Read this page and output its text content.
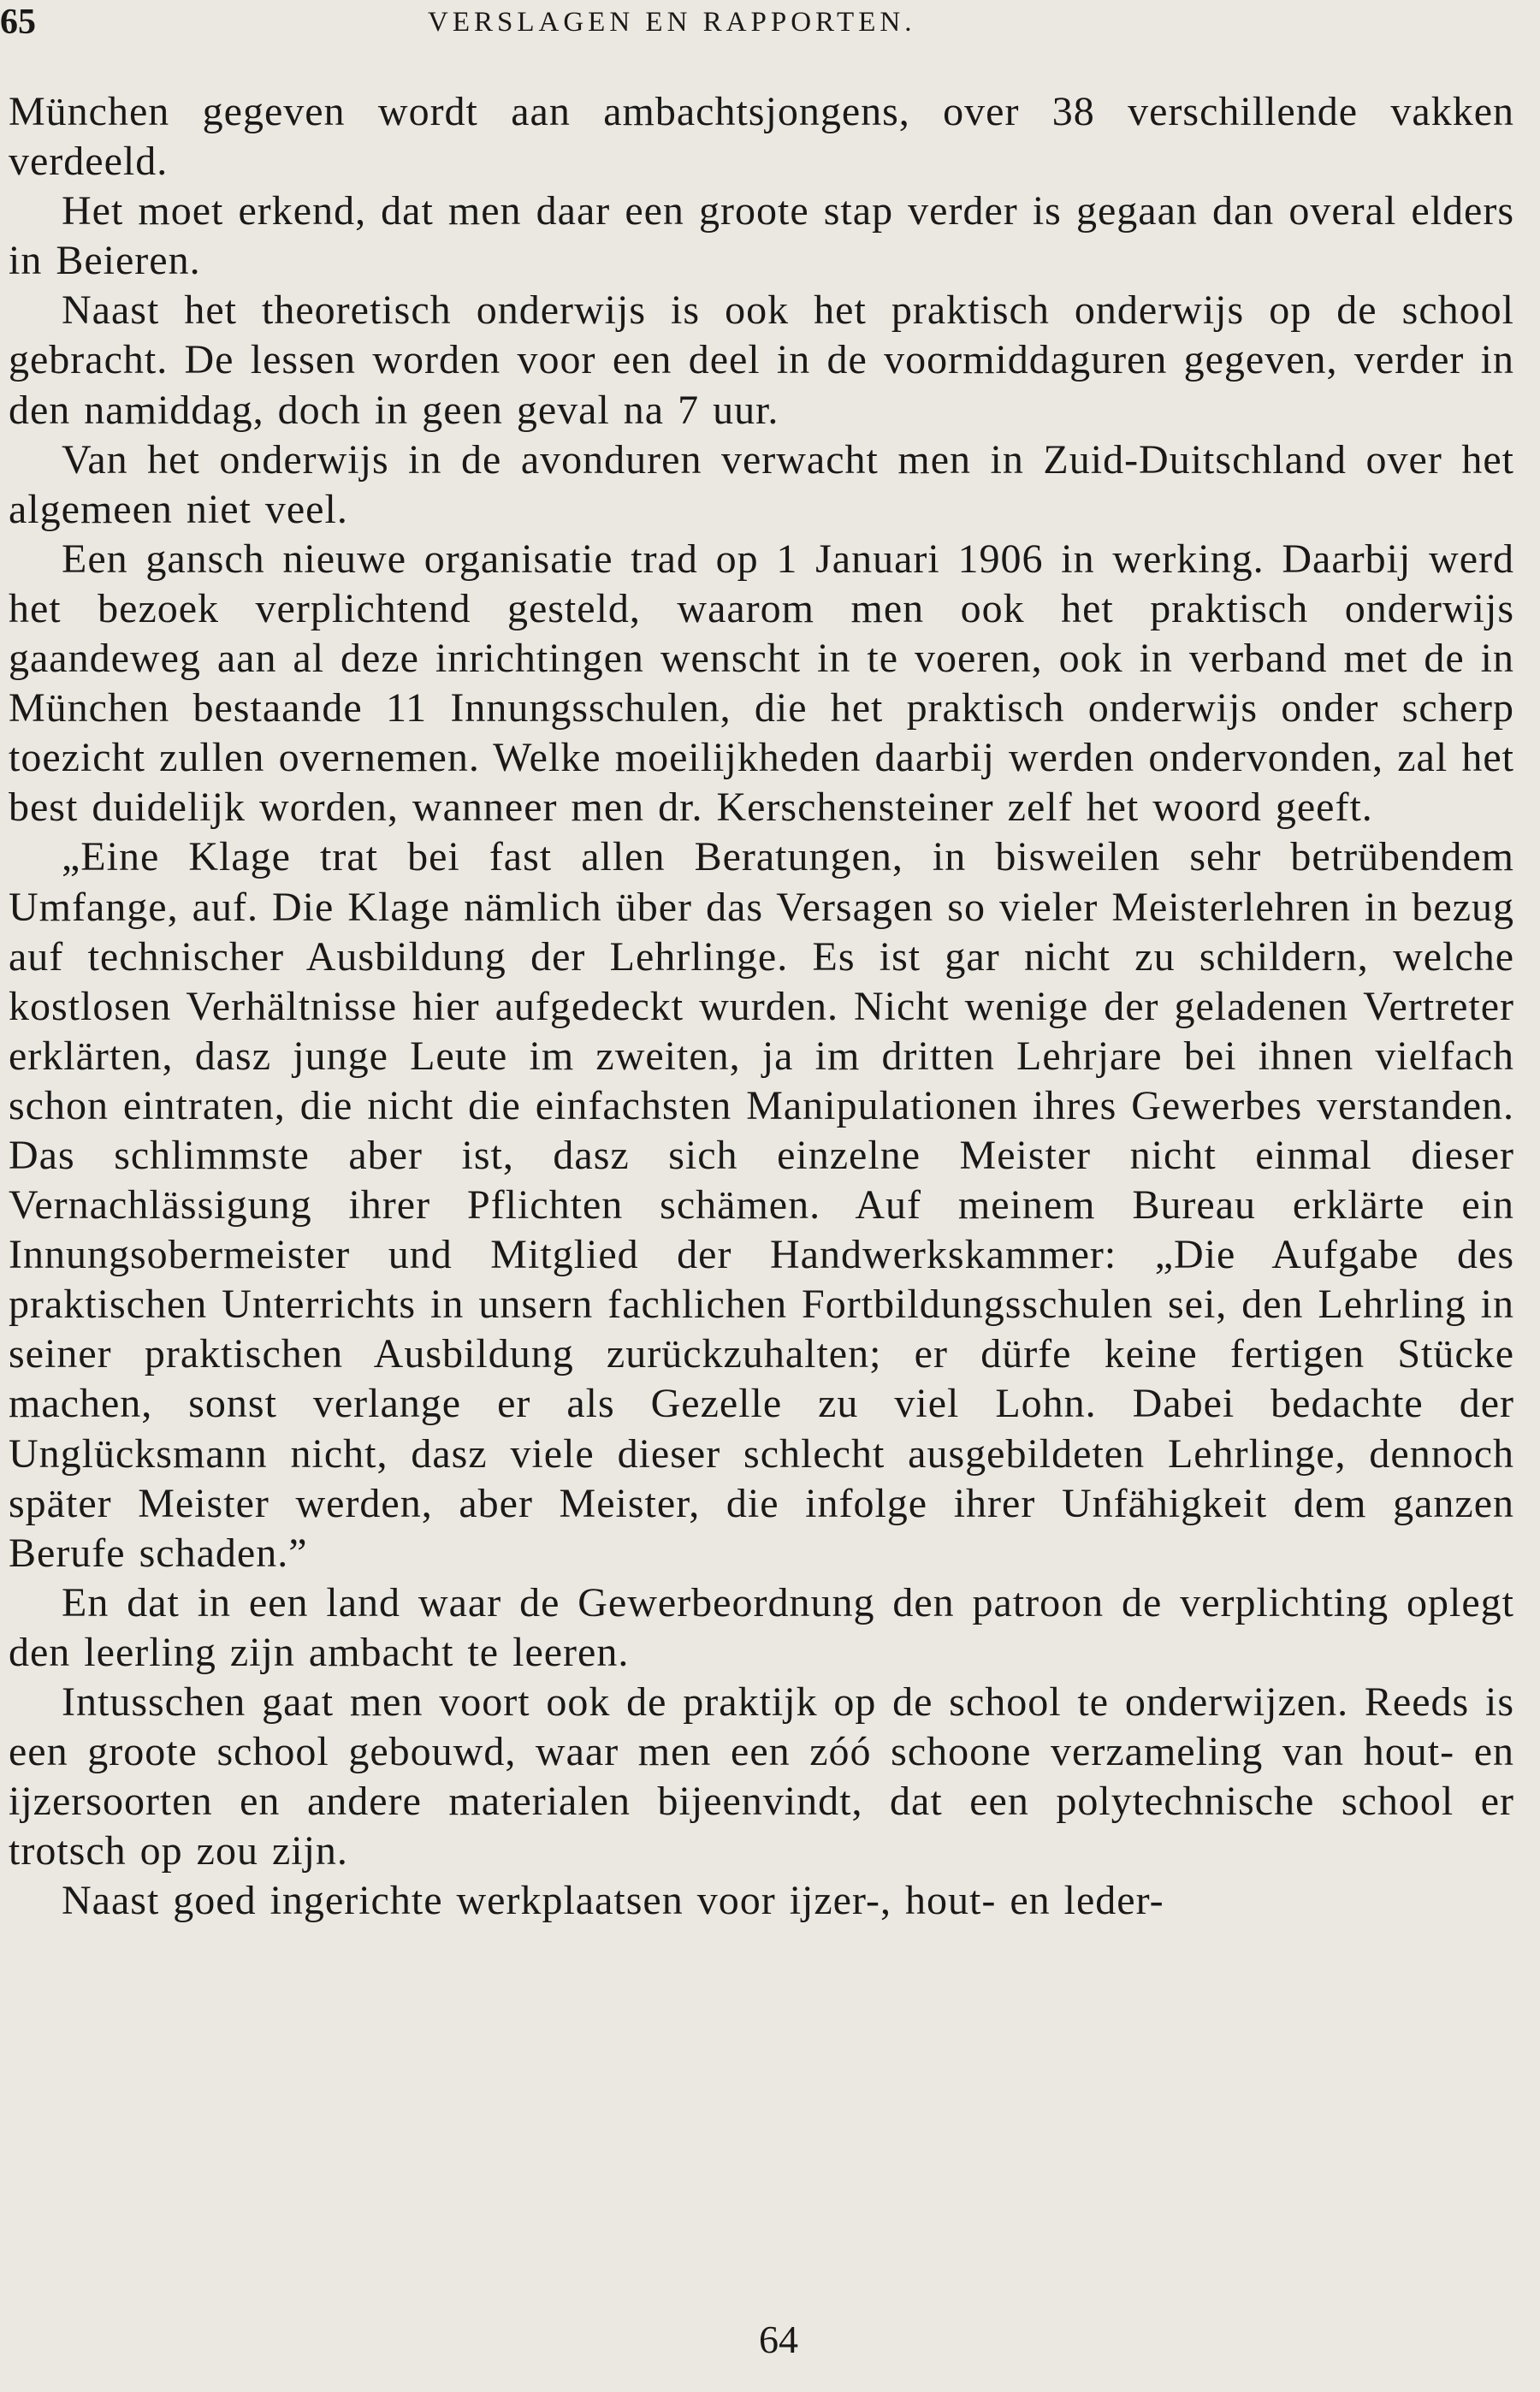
65	VERSLAGEN EN RAPPORTEN.

München gegeven wordt aan ambachtsjongens, over 38 verschillende vakken verdeeld.

Het moet erkend, dat men daar een groote stap verder is gegaan dan overal elders in Beieren.

Naast het theoretisch onderwijs is ook het praktisch onderwijs op de school gebracht. De lessen worden voor een deel in de voormiddaguren gegeven, verder in den namiddag, doch in geen geval na 7 uur.

Van het onderwijs in de avonduren verwacht men in Zuid-Duitschland over het algemeen niet veel.

Een gansch nieuwe organisatie trad op 1 Januari 1906 in werking. Daarbij werd het bezoek verplichtend gesteld, waarom men ook het praktisch onderwijs gaandeweg aan al deze inrichtingen wenscht in te voeren, ook in verband met de in München bestaande 11 Innungsschulen, die het praktisch onderwijs onder scherp toezicht zullen overnemen. Welke moeilijkheden daarbij werden ondervonden, zal het best duidelijk worden, wanneer men dr. Kerschensteiner zelf het woord geeft.

„Eine Klage trat bei fast allen Beratungen, in bisweilen sehr betrübendem Umfange, auf. Die Klage nämlich über das Versagen so vieler Meisterlehren in bezug auf technischer Ausbildung der Lehrlinge. Es ist gar nicht zu schildern, welche kostlosen Verhältnisse hier aufgedeckt wurden. Nicht wenige der geladenen Vertreter erklärten, dasz junge Leute im zweiten, ja im dritten Lehrjare bei ihnen vielfach schon eintraten, die nicht die einfachsten Manipulationen ihres Gewerbes verstanden. Das schlimmste aber ist, dasz sich einzelne Meister nicht einmal dieser Vernachlässigung ihrer Pflichten schämen. Auf meinem Bureau erklärte ein Innungsobermeister und Mitglied der Handwerkskammer: „Die Aufgabe des praktischen Unterrichts in unsern fachlichen Fortbildungsschulen sei, den Lehrling in seiner praktischen Ausbildung zurückzuhalten; er dürfe keine fertigen Stücke machen, sonst verlange er als Gezelle zu viel Lohn. Dabei bedachte der Unglücksmann nicht, dasz viele dieser schlecht ausgebildeten Lehrlinge, dennoch später Meister werden, aber Meister, die infolge ihrer Unfähigkeit dem ganzen Berufe schaden.”

En dat in een land waar de Gewerbeordnung den patroon de verplichting oplegt den leerling zijn ambacht te leeren.

Intusschen gaat men voort ook de praktijk op de school te onderwijzen. Reeds is een groote school gebouwd, waar men een zóó schoone verzameling van hout- en ijzersoorten en andere materialen bijeenvindt, dat een polytechnische school er trotsch op zou zijn.

Naast goed ingerichte werkplaatsen voor ijzer-, hout- en leder-

64
